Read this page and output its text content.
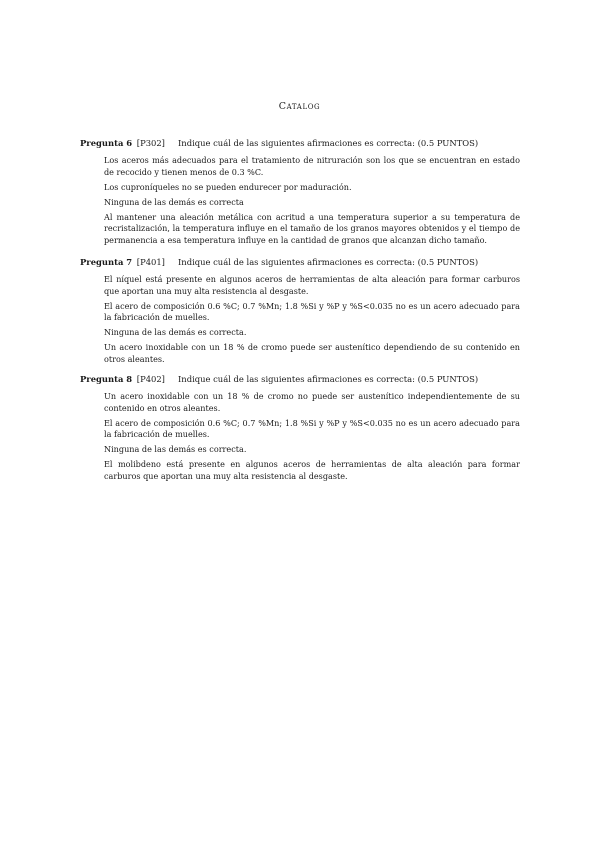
Catalog
Pregunta 6 [P302] Indique cuál de las siguientes afirmaciones es correcta: (0.5 PUNTOS)
Los aceros más adecuados para el tratamiento de nitruración son los que se encuentran en estado de recocido y tienen menos de 0.3 %C.
Los cuproníqueles no se pueden endurecer por maduración.
Ninguna de las demás es correcta
Al mantener una aleación metálica con acritud a una temperatura superior a su temperatura de recristalización, la temperatura influye en el tamaño de los granos mayores obtenidos y el tiempo de permanencia a esa temperatura influye en la cantidad de granos que alcanzan dicho tamaño.
Pregunta 7 [P401] Indique cuál de las siguientes afirmaciones es correcta: (0.5 PUNTOS)
El níquel está presente en algunos aceros de herramientas de alta aleación para formar carburos que aportan una muy alta resistencia al desgaste.
El acero de composición 0.6 %C; 0.7 %Mn; 1.8 %Si y %P y %S<0.035 no es un acero adecuado para la fabricación de muelles.
Ninguna de las demás es correcta.
Un acero inoxidable con un 18 % de cromo puede ser austenítico dependiendo de su contenido en otros aleantes.
Pregunta 8 [P402] Indique cuál de las siguientes afirmaciones es correcta: (0.5 PUNTOS)
Un acero inoxidable con un 18 % de cromo no puede ser austenítico independientemente de su contenido en otros aleantes.
El acero de composición 0.6 %C; 0.7 %Mn; 1.8 %Si y %P y %S<0.035 no es un acero adecuado para la fabricación de muelles.
Ninguna de las demás es correcta.
El molibdeno está presente en algunos aceros de herramientas de alta aleación para formar carburos que aportan una muy alta resistencia al desgaste.
